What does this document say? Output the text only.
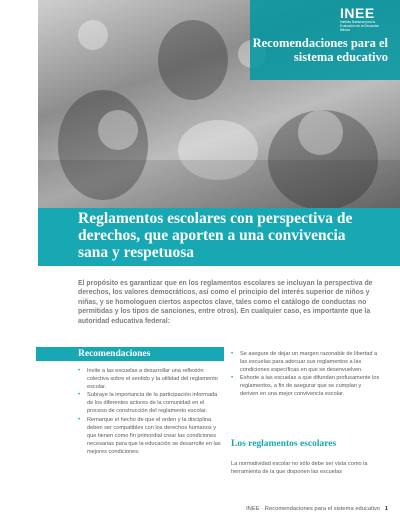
INEE
Instituto Nacional para la Evaluación de la Educación México
Recomendaciones para el sistema educativo
Reglamentos escolares con perspectiva de derechos, que aporten a una convivencia sana y respetuosa

El propósito es garantizar que en los reglamentos escolares se incluyan la perspectiva de derechos, los valores democráticos, así como el principio del interés superior de niños y niñas, y se homologuen ciertos aspectos clave, tales como el catálogo de conductas no permitidas y los tipos de sanciones, entre otros). En cualquier caso, es importante que la autoridad educativa federal:

Recomendaciones
• Invite a las escuelas a desarrollar una reflexión colectiva sobre el sentido y la utilidad del reglamento escolar.
• Subraye la importancia de la participación informada de los diferentes actores de la comunidad en el proceso de construcción del reglamento escolar.
• Remarque el hecho de que el orden y la disciplina deben ser compatibles con los derechos humanos y que tienen como fin primordial crear las condiciones necesarias para que la educación se desarrolle en las mejores condiciones.
• Se asegure de dejar un margen razonable de libertad a las escuelas para adecuar sus reglamentos a las condiciones específicas en que se desenvuelven.
• Exhorte a las escuelas a que difundan profusamente los reglamentos, a fin de asegurar que se cumplan y deriven en una mejor convivencia escolar.
Los reglamentos escolares

La normatividad escolar no sólo debe ser vista como la herramienta de la que disponen las escuelas

INEE · Recomendaciones para el sistema educativo 1
